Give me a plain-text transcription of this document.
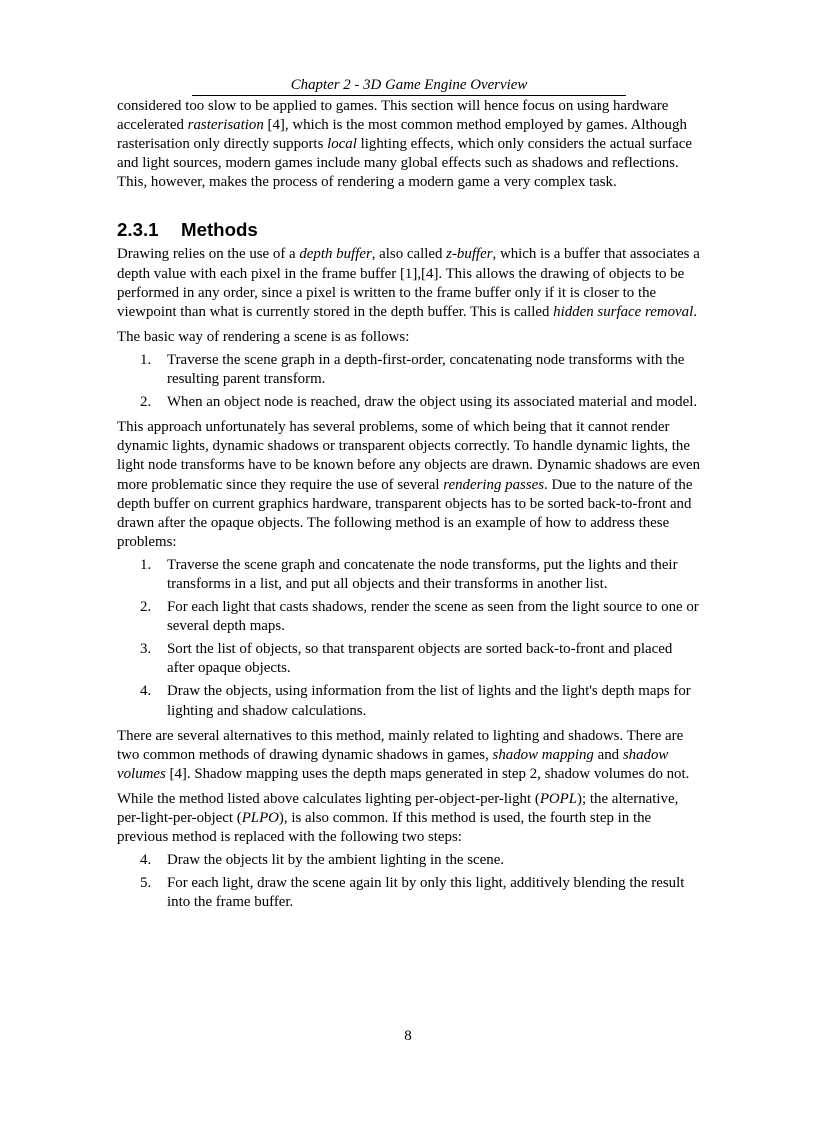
Chapter 2 - 3D Game Engine Overview

considered too slow to be applied to games. This section will hence focus on using hardware accelerated rasterisation [4], which is the most common method employed by games. Although rasterisation only directly supports local lighting effects, which only considers the actual surface and light sources, modern games include many global effects such as shadows and reflections. This, however, makes the process of rendering a modern game a very complex task.

2.3.1 Methods

Drawing relies on the use of a depth buffer, also called z-buffer, which is a buffer that associates a depth value with each pixel in the frame buffer [1],[4]. This allows the drawing of objects to be performed in any order, since a pixel is written to the frame buffer only if it is closer to the viewpoint than what is currently stored in the depth buffer. This is called hidden surface removal.

The basic way of rendering a scene is as follows:

1. Traverse the scene graph in a depth-first-order, concatenating node transforms with the resulting parent transform.
2. When an object node is reached, draw the object using its associated material and model.

This approach unfortunately has several problems, some of which being that it cannot render dynamic lights, dynamic shadows or transparent objects correctly. To handle dynamic lights, the light node transforms have to be known before any objects are drawn. Dynamic shadows are even more problematic since they require the use of several rendering passes. Due to the nature of the depth buffer on current graphics hardware, transparent objects has to be sorted back-to-front and drawn after the opaque objects. The following method is an example of how to address these problems:

1. Traverse the scene graph and concatenate the node transforms, put the lights and their transforms in a list, and put all objects and their transforms in another list.
2. For each light that casts shadows, render the scene as seen from the light source to one or several depth maps.
3. Sort the list of objects, so that transparent objects are sorted back-to-front and placed after opaque objects.
4. Draw the objects, using information from the list of lights and the light's depth maps for lighting and shadow calculations.

There are several alternatives to this method, mainly related to lighting and shadows. There are two common methods of drawing dynamic shadows in games, shadow mapping and shadow volumes [4]. Shadow mapping uses the depth maps generated in step 2, shadow volumes do not.

While the method listed above calculates lighting per-object-per-light (POPL); the alternative, per-light-per-object (PLPO), is also common. If this method is used, the fourth step in the previous method is replaced with the following two steps:

4. Draw the objects lit by the ambient lighting in the scene.
5. For each light, draw the scene again lit by only this light, additively blending the result into the frame buffer.
8
